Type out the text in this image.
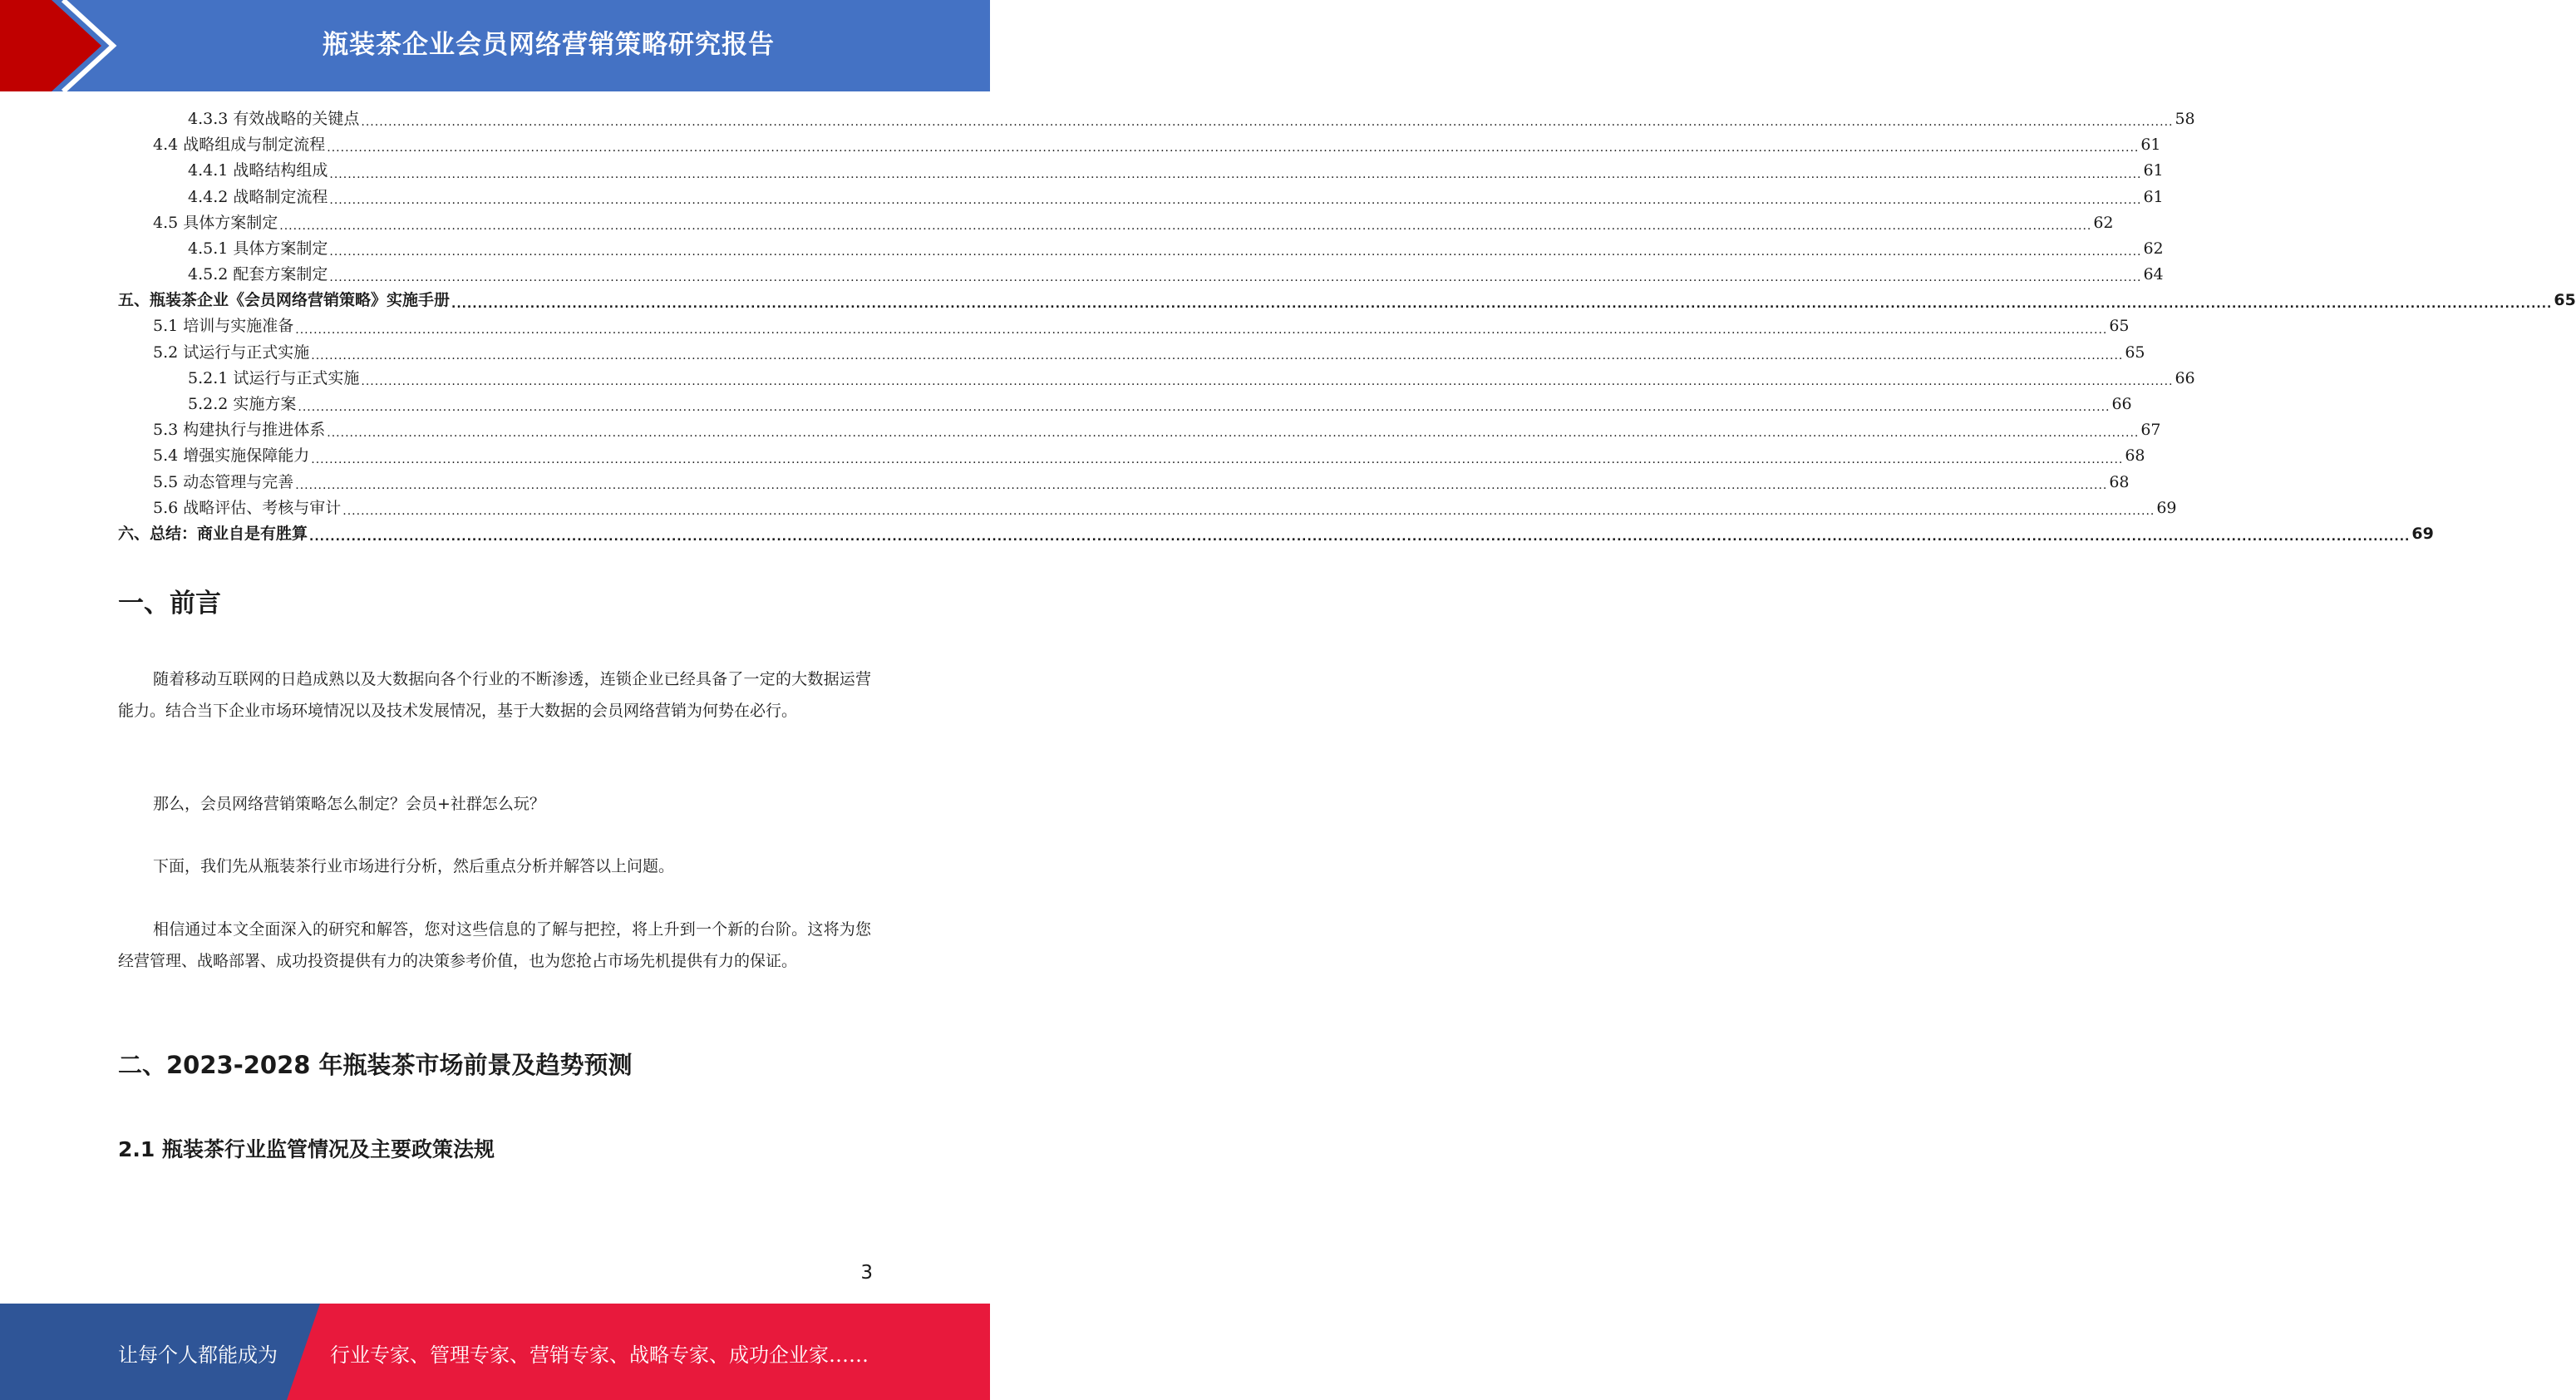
瓶装茶企业会员网络营销策略研究报告
4.3.3 有效战略的关键点 ................................................................................................................................................................................................................................................................................................................................................................................................................ 58
4.4 战略组成与制定流程 ................................................................................................................................................................................................................................................................................................................................................................................................................ 61
4.4.1 战略结构组成 ................................................................................................................................................................................................................................................................................................................................................................................................................ 61
4.4.2 战略制定流程 ................................................................................................................................................................................................................................................................................................................................................................................................................ 61
4.5 具体方案制定 ................................................................................................................................................................................................................................................................................................................................................................................................................ 62
4.5.1 具体方案制定 ................................................................................................................................................................................................................................................................................................................................................................................................................ 62
4.5.2 配套方案制定 ................................................................................................................................................................................................................................................................................................................................................................................................................ 64
五、瓶装茶企业《会员网络营销策略》实施手册 ................................................................................................................................................................................................................................................................................................................................................................................................................ 65
5.1 培训与实施准备 ................................................................................................................................................................................................................................................................................................................................................................................................................ 65
5.2 试运行与正式实施 ................................................................................................................................................................................................................................................................................................................................................................................................................ 65
5.2.1 试运行与正式实施 ................................................................................................................................................................................................................................................................................................................................................................................................................ 66
5.2.2 实施方案 ................................................................................................................................................................................................................................................................................................................................................................................................................ 66
5.3 构建执行与推进体系 ................................................................................................................................................................................................................................................................................................................................................................................................................ 67
5.4 增强实施保障能力 ................................................................................................................................................................................................................................................................................................................................................................................................................ 68
5.5 动态管理与完善 ................................................................................................................................................................................................................................................................................................................................................................................................................ 68
5.6 战略评估、考核与审计 ................................................................................................................................................................................................................................................................................................................................................................................................................ 69
六、总结：商业自是有胜算 ................................................................................................................................................................................................................................................................................................................................................................................................................ 69
一、前言

随着移动互联网的日趋成熟以及大数据向各个行业的不断渗透，连锁企业已经具备了一定的大数据运营能力。结合当下企业市场环境情况以及技术发展情况，基于大数据的会员网络营销为何势在必行。

那么，会员网络营销策略怎么制定？会员+社群怎么玩？

下面，我们先从瓶装茶行业市场进行分析，然后重点分析并解答以上问题。

相信通过本文全面深入的研究和解答，您对这些信息的了解与把控，将上升到一个新的台阶。这将为您经营管理、战略部署、成功投资提供有力的决策参考价值，也为您抢占市场先机提供有力的保证。

二、2023-2028 年瓶装茶市场前景及趋势预测
2.1 瓶装茶行业监管情况及主要政策法规
3
让每个人都能成为	行业专家、管理专家、营销专家、战略专家、成功企业家……
